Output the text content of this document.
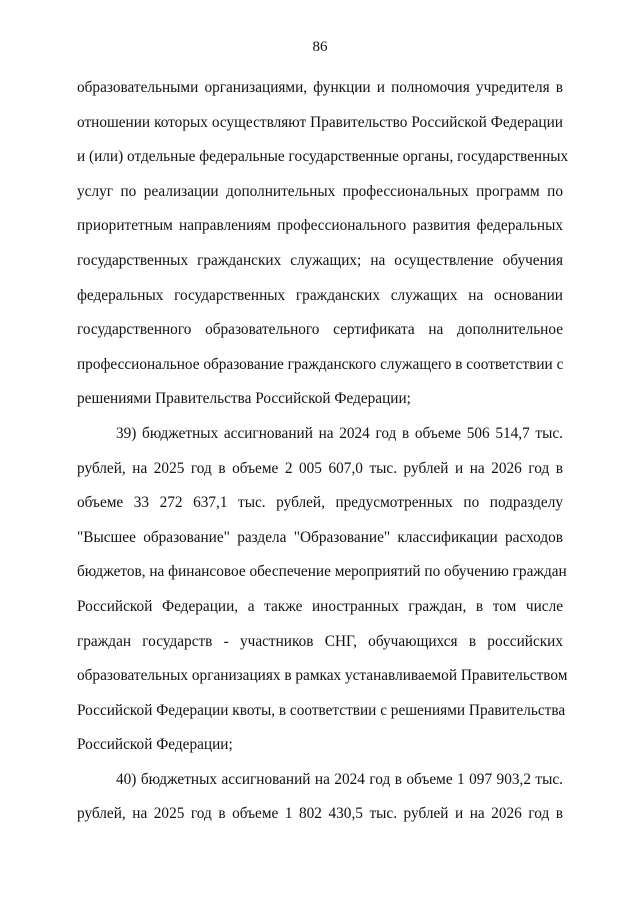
86
образовательными организациями, функции и полномочия учредителя в
отношении которых осуществляют Правительство Российской Федерации
и (или) отдельные федеральные государственные органы, государственных
услуг по реализации дополнительных профессиональных программ по
приоритетным направлениям профессионального развития федеральных
государственных гражданских служащих; на осуществление обучения
федеральных государственных гражданских служащих на основании
государственного образовательного сертификата на дополнительное
профессиональное образование гражданского служащего в соответствии с
решениями Правительства Российской Федерации;
39) бюджетных ассигнований на 2024 год в объеме 506 514,7 тыс.
рублей, на 2025 год в объеме 2 005 607,0 тыс. рублей и на 2026 год в
объеме 33 272 637,1 тыс. рублей, предусмотренных по подразделу
"Высшее образование" раздела "Образование" классификации расходов
бюджетов, на финансовое обеспечение мероприятий по обучению граждан
Российской Федерации, а также иностранных граждан, в том числе
граждан государств - участников СНГ, обучающихся в российских
образовательных организациях в рамках устанавливаемой Правительством
Российской Федерации квоты, в соответствии с решениями Правительства
Российской Федерации;
40) бюджетных ассигнований на 2024 год в объеме 1 097 903,2 тыс.
рублей, на 2025 год в объеме 1 802 430,5 тыс. рублей и на 2026 год в
